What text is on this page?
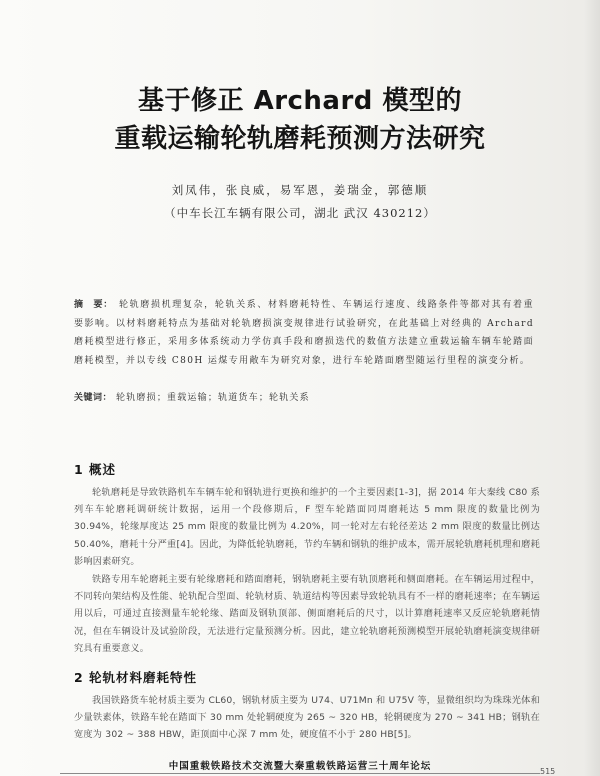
基于修正 Archard 模型的
重载运输轮轨磨耗预测方法研究
刘凤伟，张良威，易军恩，姜瑞金，郭德顺
（中车长江车辆有限公司，湖北 武汉 430212）
摘　要： 轮轨磨损机理复杂，轮轨关系、材料磨耗特性、车辆运行速度、线路条件等都对其有着重要影响。以材料磨耗特点为基础对轮轨磨损演变规律进行试验研究，在此基础上对经典的 Archard 磨耗模型进行修正，采用多体系统动力学仿真手段和磨损迭代的数值方法建立重载运输车辆车轮踏面磨耗模型，并以专线 C80H 运煤专用敞车为研究对象，进行车轮踏面磨型随运行里程的演变分析。
关键词： 轮轨磨损；重载运输；轨道货车；轮轨关系
1 概述
轮轨磨耗是导致铁路机车车辆车轮和钢轨进行更换和维护的一个主要因素[1-3]，据 2014 年大秦线 C80 系列车车轮磨耗调研统计数据，运用一个段修期后，F 型车轮踏面同周磨耗达 5 mm 限度的数量比例为 30.94%，轮缘厚度达 25 mm 限度的数量比例为 4.20%，同一轮对左右轮径差达 2 mm 限度的数量比例达 50.40%，磨耗十分严重[4]。因此，为降低轮轨磨耗，节约车辆和钢轨的维护成本，需开展轮轨磨耗机理和磨耗影响因素研究。
铁路专用车轮磨耗主要有轮缘磨耗和踏面磨耗，钢轨磨耗主要有轨顶磨耗和侧面磨耗。在车辆运用过程中，不同转向架结构及性能、轮轨配合型面、轮轨材质、轨道结构等因素导致轮轨具有不一样的磨耗速率；在车辆运用以后，可通过直接测量车轮轮缘、踏面及钢轨顶部、侧面磨耗后的尺寸，以计算磨耗速率又反应轮轨磨耗情况，但在车辆设计及试验阶段，无法进行定量预测分析。因此，建立轮轨磨耗预测模型开展轮轨磨耗演变规律研究具有重要意义。
2 轮轨材料磨耗特性
我国铁路货车轮材质主要为 CL60，钢轨材质主要为 U74、U71Mn 和 U75V 等，显微组织均为珠珠光体和少量铁素体，铁路车轮在踏面下 30 mm 处轮辋硬度为 265 ~ 320 HB，轮辋硬度为 270 ~ 341 HB；钢轨在宽度为 302 ~ 388 HBW，距顶面中心深 7 mm 处，硬度值不小于 280 HB[5]。
中国重载铁路技术交流暨大秦重载铁路运营三十周年论坛	515
